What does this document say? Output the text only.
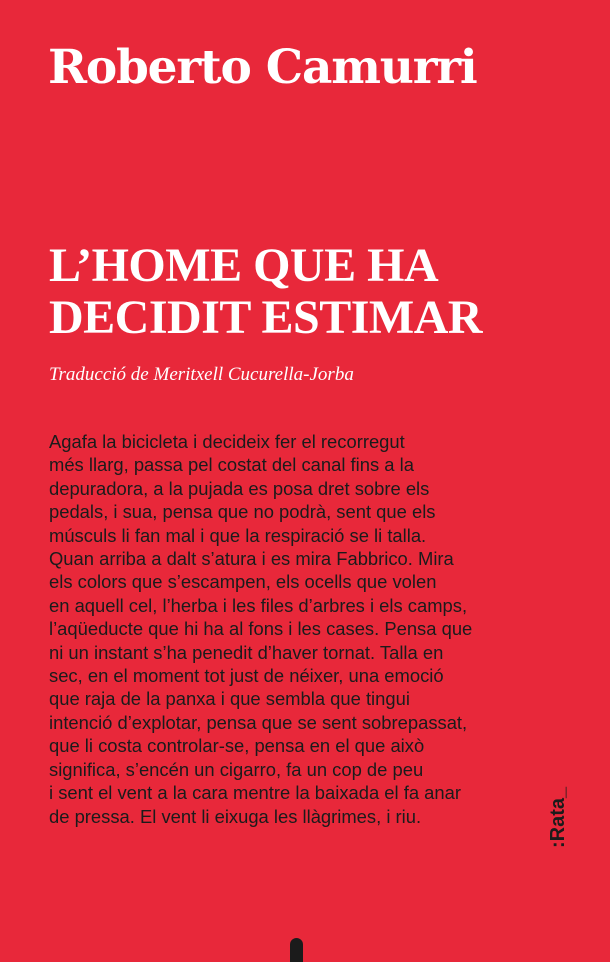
Roberto Camurri
L’HOME QUE HA
DECIDIT ESTIMAR

Traducció de Meritxell Cucurella-Jorba

Agafa la bicicleta i decideix fer el recorregut
més llarg, passa pel costat del canal fins a la
depuradora, a la pujada es posa dret sobre els
pedals, i sua, pensa que no podrà, sent que els
músculs li fan mal i que la respiració se li talla.
Quan arriba a dalt s’atura i es mira Fabbrico. Mira
els colors que s’escampen, els ocells que volen
en aquell cel, l’herba i les files d’arbres i els camps,
l’aqüeducte que hi ha al fons i les cases. Pensa que
ni un instant s’ha penedit d’haver tornat. Talla en
sec, en el moment tot just de néixer, una emoció
que raja de la panxa i que sembla que tingui
intenció d’explotar, pensa que se sent sobrepassat,
que li costa controlar-se, pensa en el que això
significa, s’encén un cigarro, fa un cop de peu
i sent el vent a la cara mentre la baixada el fa anar
de pressa. El vent li eixuga les llàgrimes, i riu.	:Rata_
